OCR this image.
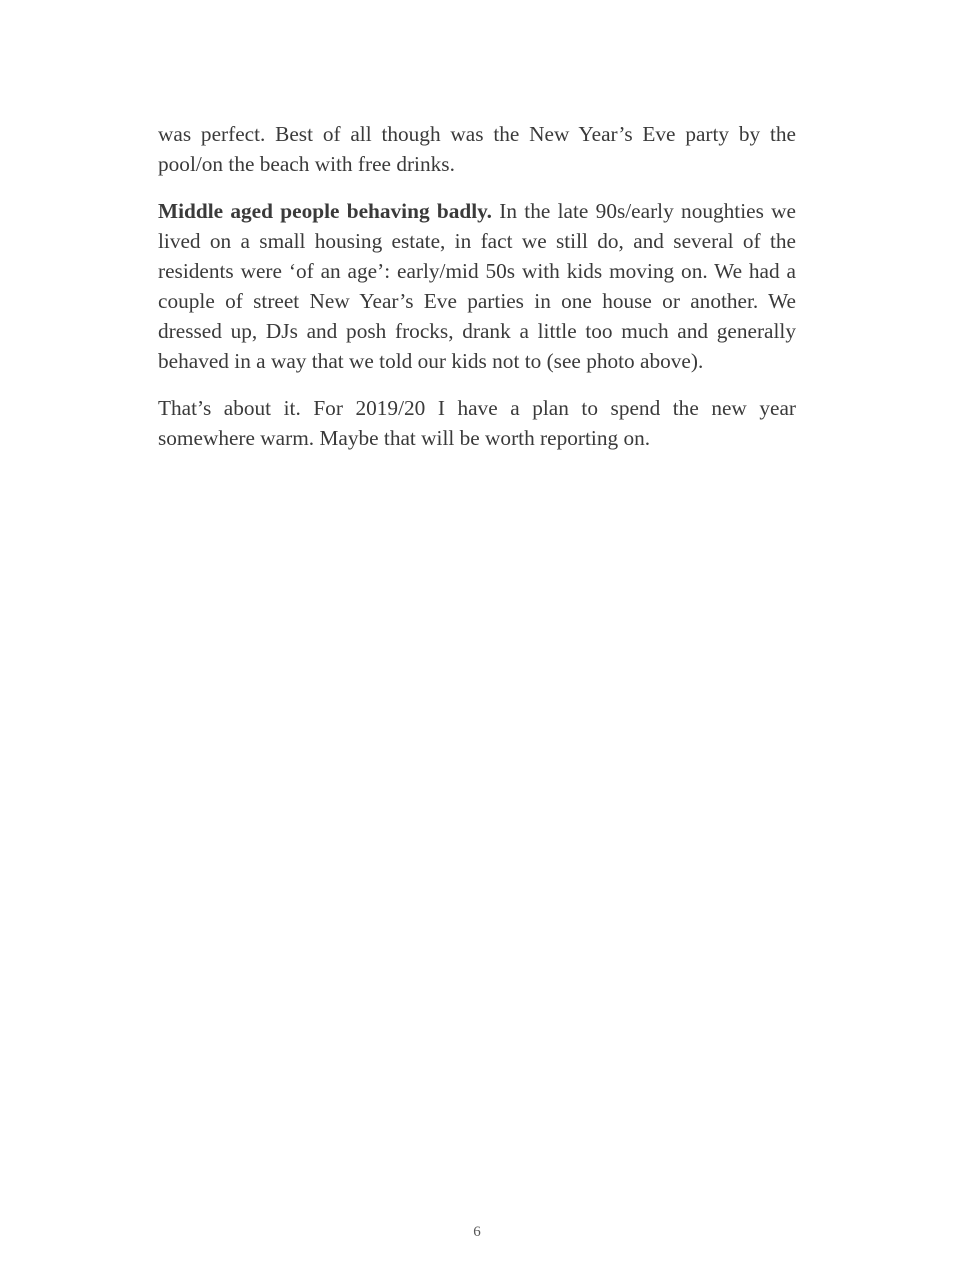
was perfect. Best of all though was the New Year’s Eve party by the pool/on the beach with free drinks.

Middle aged people behaving badly. In the late 90s/early noughties we lived on a small housing estate, in fact we still do, and several of the residents were ‘of an age’: early/mid 50s with kids moving on. We had a couple of street New Year’s Eve parties in one house or another. We dressed up, DJs and posh frocks, drank a little too much and generally behaved in a way that we told our kids not to (see photo above).

That’s about it. For 2019/20 I have a plan to spend the new year somewhere warm. Maybe that will be worth reporting on.

6
